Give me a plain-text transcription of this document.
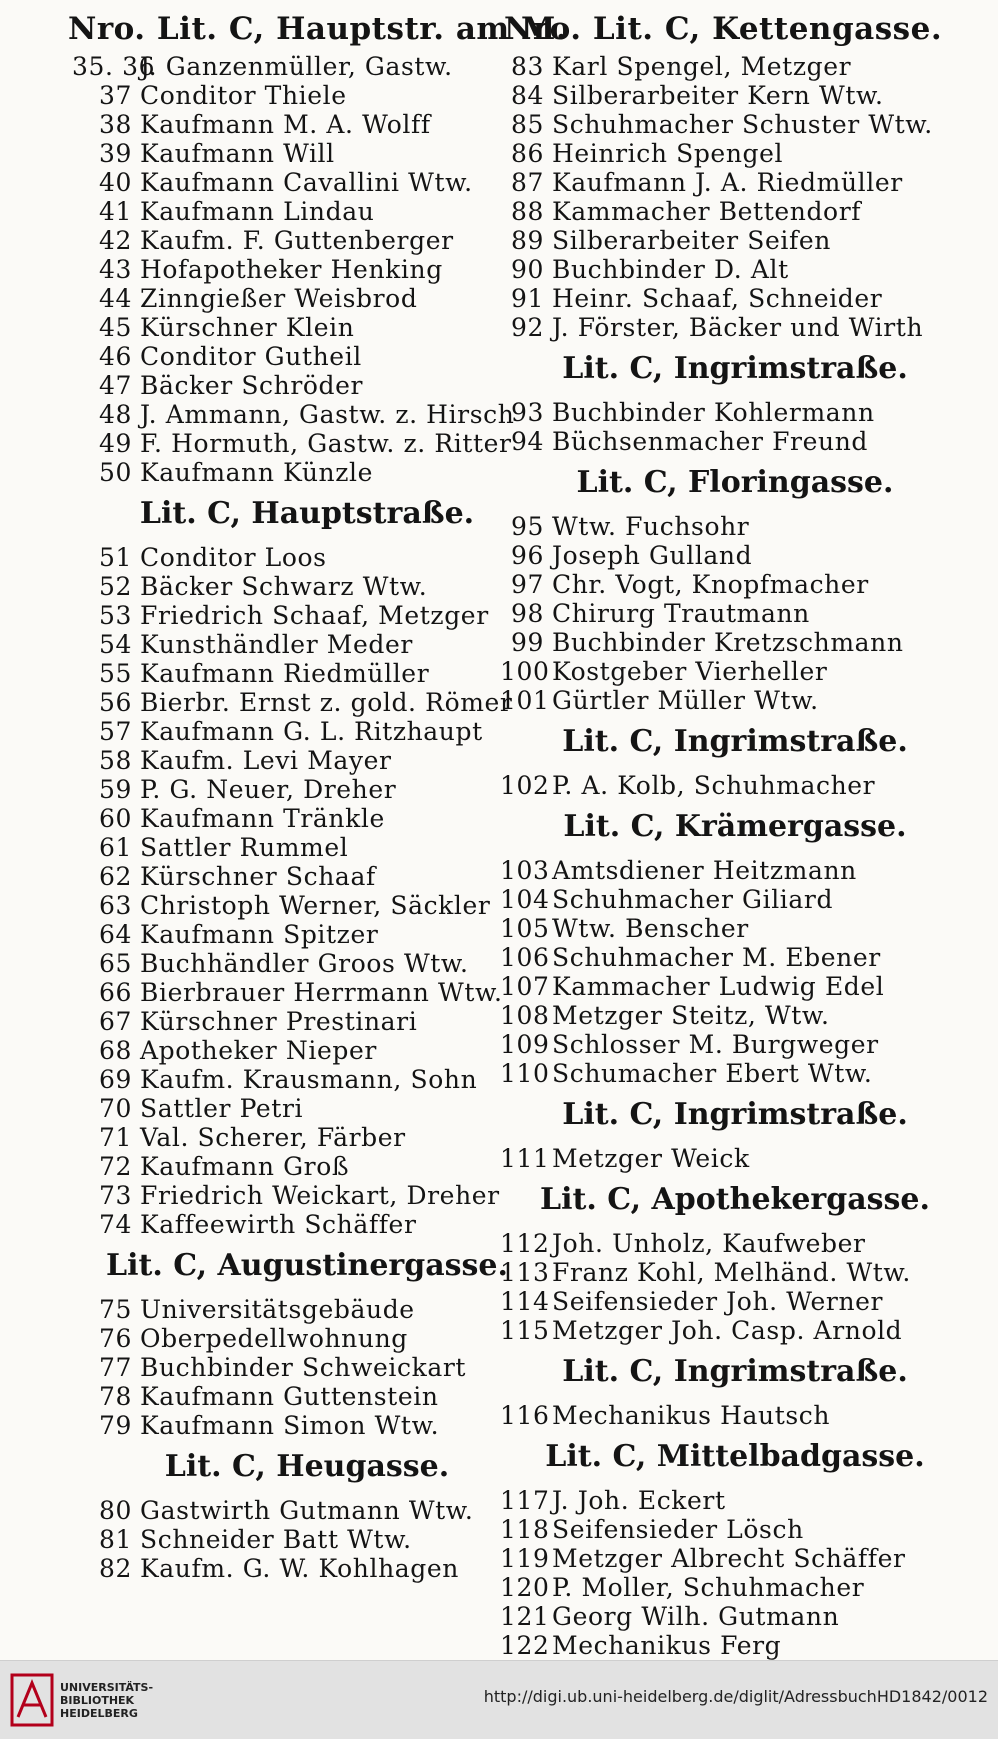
Nro. Lit. C, Hauptstr. am M.
35. 36
J. Ganzenmüller, Gastw.
37 Conditor Thiele
38 Kaufmann M. A. Wolff
39 Kaufmann Will
40 Kaufmann Cavallini Wtw.
41 Kaufmann Lindau
42 Kaufm. F. Guttenberger
43 Hofapotheker Henking
44 Zinngießer Weisbrod
45 Kürschner Klein
46 Conditor Gutheil
47 Bäcker Schröder
48 J. Ammann, Gastw. z. Hirsch
49 F. Hormuth, Gastw. z. Ritter
50 Kaufmann Künzle
Lit. C, Hauptstraße.
51 Conditor Loos
52 Bäcker Schwarz Wtw.
53 Friedrich Schaaf, Metzger
54 Kunsthändler Meder
55 Kaufmann Riedmüller
56 Bierbr. Ernst z. gold. Römer
57 Kaufmann G. L. Ritzhaupt
58 Kaufm. Levi Mayer
59 P. G. Neuer, Dreher
60 Kaufmann Tränkle
61 Sattler Rummel
62 Kürschner Schaaf
63 Christoph Werner, Säckler
64 Kaufmann Spitzer
65 Buchhändler Groos Wtw.
66 Bierbrauer Herrmann Wtw.
67 Kürschner Prestinari
68 Apotheker Nieper
69 Kaufm. Krausmann, Sohn
70 Sattler Petri
71 Val. Scherer, Färber
72 Kaufmann Groß
73 Friedrich Weickart, Dreher
74 Kaffeewirth Schäffer
Lit. C, Augustinergasse.
75 Universitätsgebäude
76 Oberpedellwohnung
77 Buchbinder Schweickart
78 Kaufmann Guttenstein
79 Kaufmann Simon Wtw.
Lit. C, Heugasse.
80 Gastwirth Gutmann Wtw.
81 Schneider Batt Wtw.
82 Kaufm. G. W. Kohlhagen
Nro. Lit. C, Kettengasse.
83 Karl Spengel, Metzger
84 Silberarbeiter Kern Wtw.
85 Schuhmacher Schuster Wtw.
86 Heinrich Spengel
87 Kaufmann J. A. Riedmüller
88 Kammacher Bettendorf
89 Silberarbeiter Seifen
90 Buchbinder D. Alt
91 Heinr. Schaaf, Schneider
92 J. Förster, Bäcker und Wirth
Lit. C, Ingrimstraße.
93 Buchbinder Kohlermann
94 Büchsenmacher Freund
Lit. C, Floringasse.
95 Wtw. Fuchsohr
96 Joseph Gulland
97 Chr. Vogt, Knopfmacher
98 Chirurg Trautmann
99 Buchbinder Kretzschmann
100 Kostgeber Vierheller
101 Gürtler Müller Wtw.
Lit. C, Ingrimstraße.
102 P. A. Kolb, Schuhmacher
Lit. C, Krämergasse.
103 Amtsdiener Heitzmann
104 Schuhmacher Giliard
105 Wtw. Benscher
106 Schuhmacher M. Ebener
107 Kammacher Ludwig Edel
108 Metzger Steitz, Wtw.
109 Schlosser M. Burgweger
110 Schumacher Ebert Wtw.
Lit. C, Ingrimstraße.
111 Metzger Weick
Lit. C, Apothekergasse.
112 Joh. Unholz, Kaufweber
113 Franz Kohl, Melhänd. Wtw.
114 Seifensieder Joh. Werner
115 Metzger Joh. Casp. Arnold
Lit. C, Ingrimstraße.
116 Mechanikus Hautsch
Lit. C, Mittelbadgasse.
117 J. Joh. Eckert
118 Seifensieder Lösch
119 Metzger Albrecht Schäffer
120 P. Moller, Schuhmacher
121 Georg Wilh. Gutmann
122 Mechanikus Ferg
UNIVERSITÄTS-
BIBLIOTHEK
HEIDELBERG
http://digi.ub.uni-heidelberg.de/diglit/AdressbuchHD1842/0012
